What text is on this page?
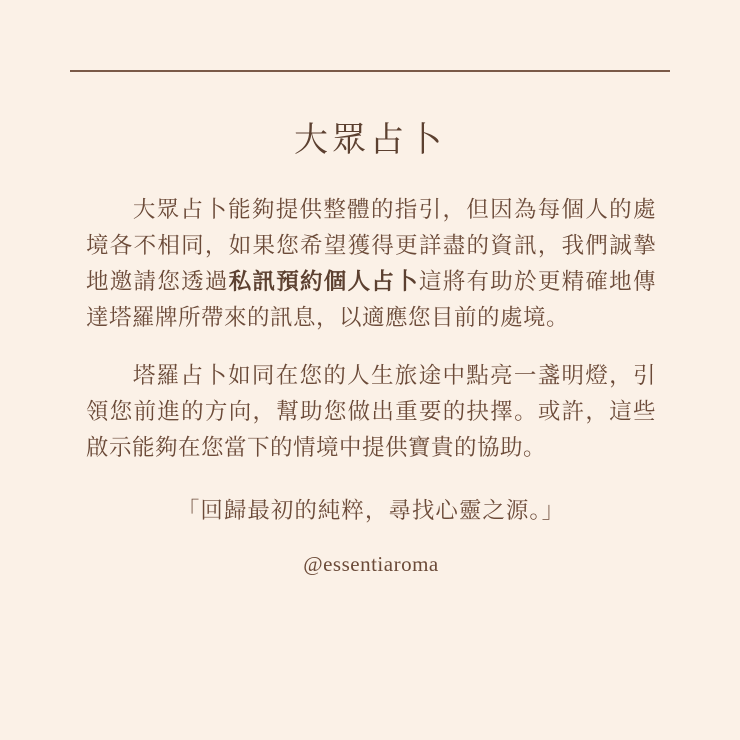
大眾占卜

大眾占卜能夠提供整體的指引，但因為每個人的處境各不相同，如果您希望獲得更詳盡的資訊，我們誠摯地邀請您透過私訊預約個人占卜這將有助於更精確地傳達塔羅牌所帶來的訊息，以適應您目前的處境。

塔羅占卜如同在您的人生旅途中點亮一盞明燈，引領您前進的方向，幫助您做出重要的抉擇。或許，這些啟示能夠在您當下的情境中提供寶貴的協助。

「回歸最初的純粹，尋找心靈之源。」
@essentiaroma
